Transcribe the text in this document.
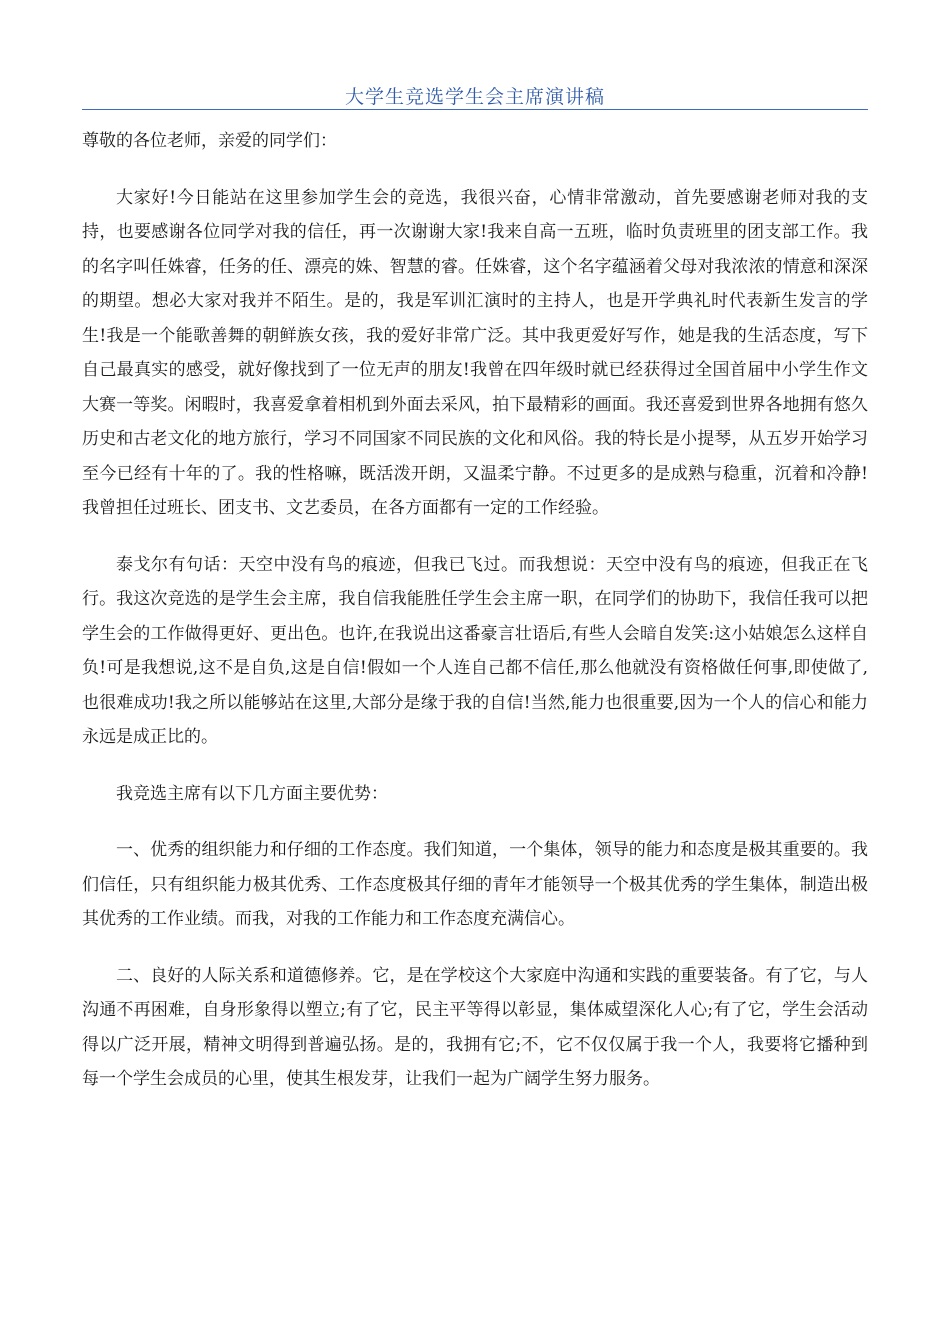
大学生竞选学生会主席演讲稿

尊敬的各位老师，亲爱的同学们：

大家好!今日能站在这里参加学生会的竞选，我很兴奋，心情非常激动，首先要感谢老师对我的支持，也要感谢各位同学对我的信任，再一次谢谢大家!我来自高一五班，临时负责班里的团支部工作。我的名字叫任姝睿，任务的任、漂亮的姝、智慧的睿。任姝睿，这个名字蕴涵着父母对我浓浓的情意和深深的期望。想必大家对我并不陌生。是的，我是军训汇演时的主持人，也是开学典礼时代表新生发言的学生!我是一个能歌善舞的朝鲜族女孩，我的爱好非常广泛。其中我更爱好写作，她是我的生活态度，写下自己最真实的感受，就好像找到了一位无声的朋友!我曾在四年级时就已经获得过全国首届中小学生作文大赛一等奖。闲暇时，我喜爱拿着相机到外面去采风，拍下最精彩的画面。我还喜爱到世界各地拥有悠久历史和古老文化的地方旅行，学习不同国家不同民族的文化和风俗。我的特长是小提琴，从五岁开始学习至今已经有十年的了。我的性格嘛，既活泼开朗，又温柔宁静。不过更多的是成熟与稳重，沉着和冷静!我曾担任过班长、团支书、文艺委员，在各方面都有一定的工作经验。

泰戈尔有句话：天空中没有鸟的痕迹，但我已飞过。而我想说：天空中没有鸟的痕迹，但我正在飞行。我这次竞选的是学生会主席，我自信我能胜任学生会主席一职，在同学们的协助下，我信任我可以把学生会的工作做得更好、更出色。也许,在我说出这番豪言壮语后,有些人会暗自发笑:这小姑娘怎么这样自负!可是我想说,这不是自负,这是自信!假如一个人连自己都不信任,那么他就没有资格做任何事,即使做了,也很难成功!我之所以能够站在这里,大部分是缘于我的自信!当然,能力也很重要,因为一个人的信心和能力永远是成正比的。

我竞选主席有以下几方面主要优势：

一、优秀的组织能力和仔细的工作态度。我们知道，一个集体，领导的能力和态度是极其重要的。我们信任，只有组织能力极其优秀、工作态度极其仔细的青年才能领导一个极其优秀的学生集体，制造出极其优秀的工作业绩。而我，对我的工作能力和工作态度充满信心。

二、良好的人际关系和道德修养。它，是在学校这个大家庭中沟通和实践的重要装备。有了它，与人沟通不再困难，自身形象得以塑立;有了它，民主平等得以彰显，集体威望深化人心;有了它，学生会活动得以广泛开展，精神文明得到普遍弘扬。是的，我拥有它;不，它不仅仅属于我一个人，我要将它播种到每一个学生会成员的心里，使其生根发芽，让我们一起为广阔学生努力服务。
